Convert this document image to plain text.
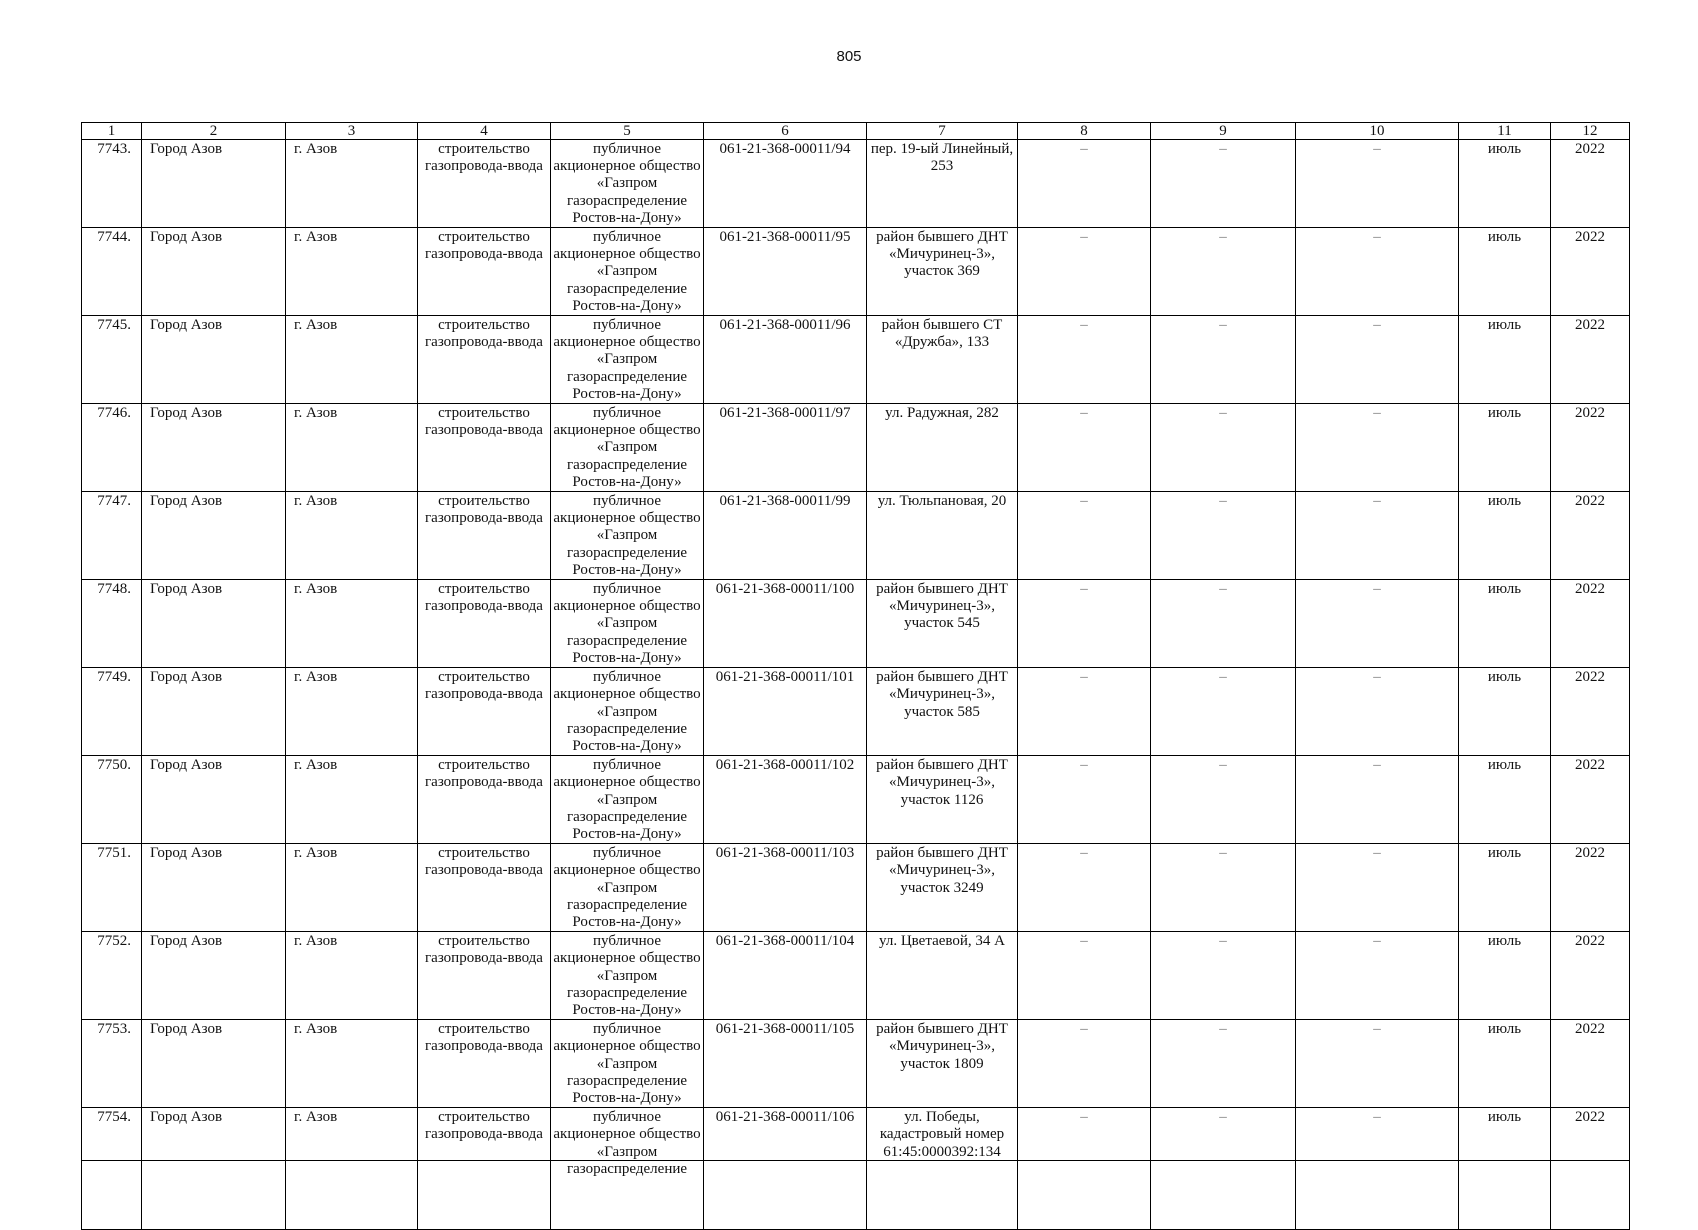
805
1	2	3	4	5	6	7	8	9	10	11	12

7743.	Город Азов	г. Азов	строительство газопровода-ввода	публичное акционерное общество «Газпром газораспределение Ростов-на-Дону»	061-21-368-00011/94	пер. 19-ый Линейный, 253	–	–	–	июль	2022

7744.	Город Азов	г. Азов	строительство газопровода-ввода	публичное акционерное общество «Газпром газораспределение Ростов-на-Дону»	061-21-368-00011/95	район бывшего ДНТ «Мичуринец-3», участок 369	–	–	–	июль	2022

7745.	Город Азов	г. Азов	строительство газопровода-ввода	публичное акционерное общество «Газпром газораспределение Ростов-на-Дону»	061-21-368-00011/96	район бывшего СТ «Дружба», 133	–	–	–	июль	2022

7746.	Город Азов	г. Азов	строительство газопровода-ввода	публичное акционерное общество «Газпром газораспределение Ростов-на-Дону»	061-21-368-00011/97	ул. Радужная, 282	–	–	–	июль	2022

7747.	Город Азов	г. Азов	строительство газопровода-ввода	публичное акционерное общество «Газпром газораспределение Ростов-на-Дону»	061-21-368-00011/99	ул. Тюльпановая, 20	–	–	–	июль	2022

7748.	Город Азов	г. Азов	строительство газопровода-ввода	публичное акционерное общество «Газпром газораспределение Ростов-на-Дону»	061-21-368-00011/100	район бывшего ДНТ «Мичуринец-3», участок 545	–	–	–	июль	2022

7749.	Город Азов	г. Азов	строительство газопровода-ввода	публичное акционерное общество «Газпром газораспределение Ростов-на-Дону»	061-21-368-00011/101	район бывшего ДНТ «Мичуринец-3», участок 585	–	–	–	июль	2022

7750.	Город Азов	г. Азов	строительство газопровода-ввода	публичное акционерное общество «Газпром газораспределение Ростов-на-Дону»	061-21-368-00011/102	район бывшего ДНТ «Мичуринец-3», участок 1126	–	–	–	июль	2022

7751.	Город Азов	г. Азов	строительство газопровода-ввода	публичное акционерное общество «Газпром газораспределение Ростов-на-Дону»	061-21-368-00011/103	район бывшего ДНТ «Мичуринец-3», участок 3249	–	–	–	июль	2022

7752.	Город Азов	г. Азов	строительство газопровода-ввода	публичное акционерное общество «Газпром газораспределение Ростов-на-Дону»	061-21-368-00011/104	ул. Цветаевой, 34 А	–	–	–	июль	2022

7753.	Город Азов	г. Азов	строительство газопровода-ввода	публичное акционерное общество «Газпром газораспределение Ростов-на-Дону»	061-21-368-00011/105	район бывшего ДНТ «Мичуринец-3», участок 1809	–	–	–	июль	2022

7754.	Город Азов	г. Азов	строительство газопровода-ввода	публичное акционерное общество «Газпром газораспределение	061-21-368-00011/106	ул. Победы, кадастровый номер 61:45:0000392:134	–	–	–	июль	2022
